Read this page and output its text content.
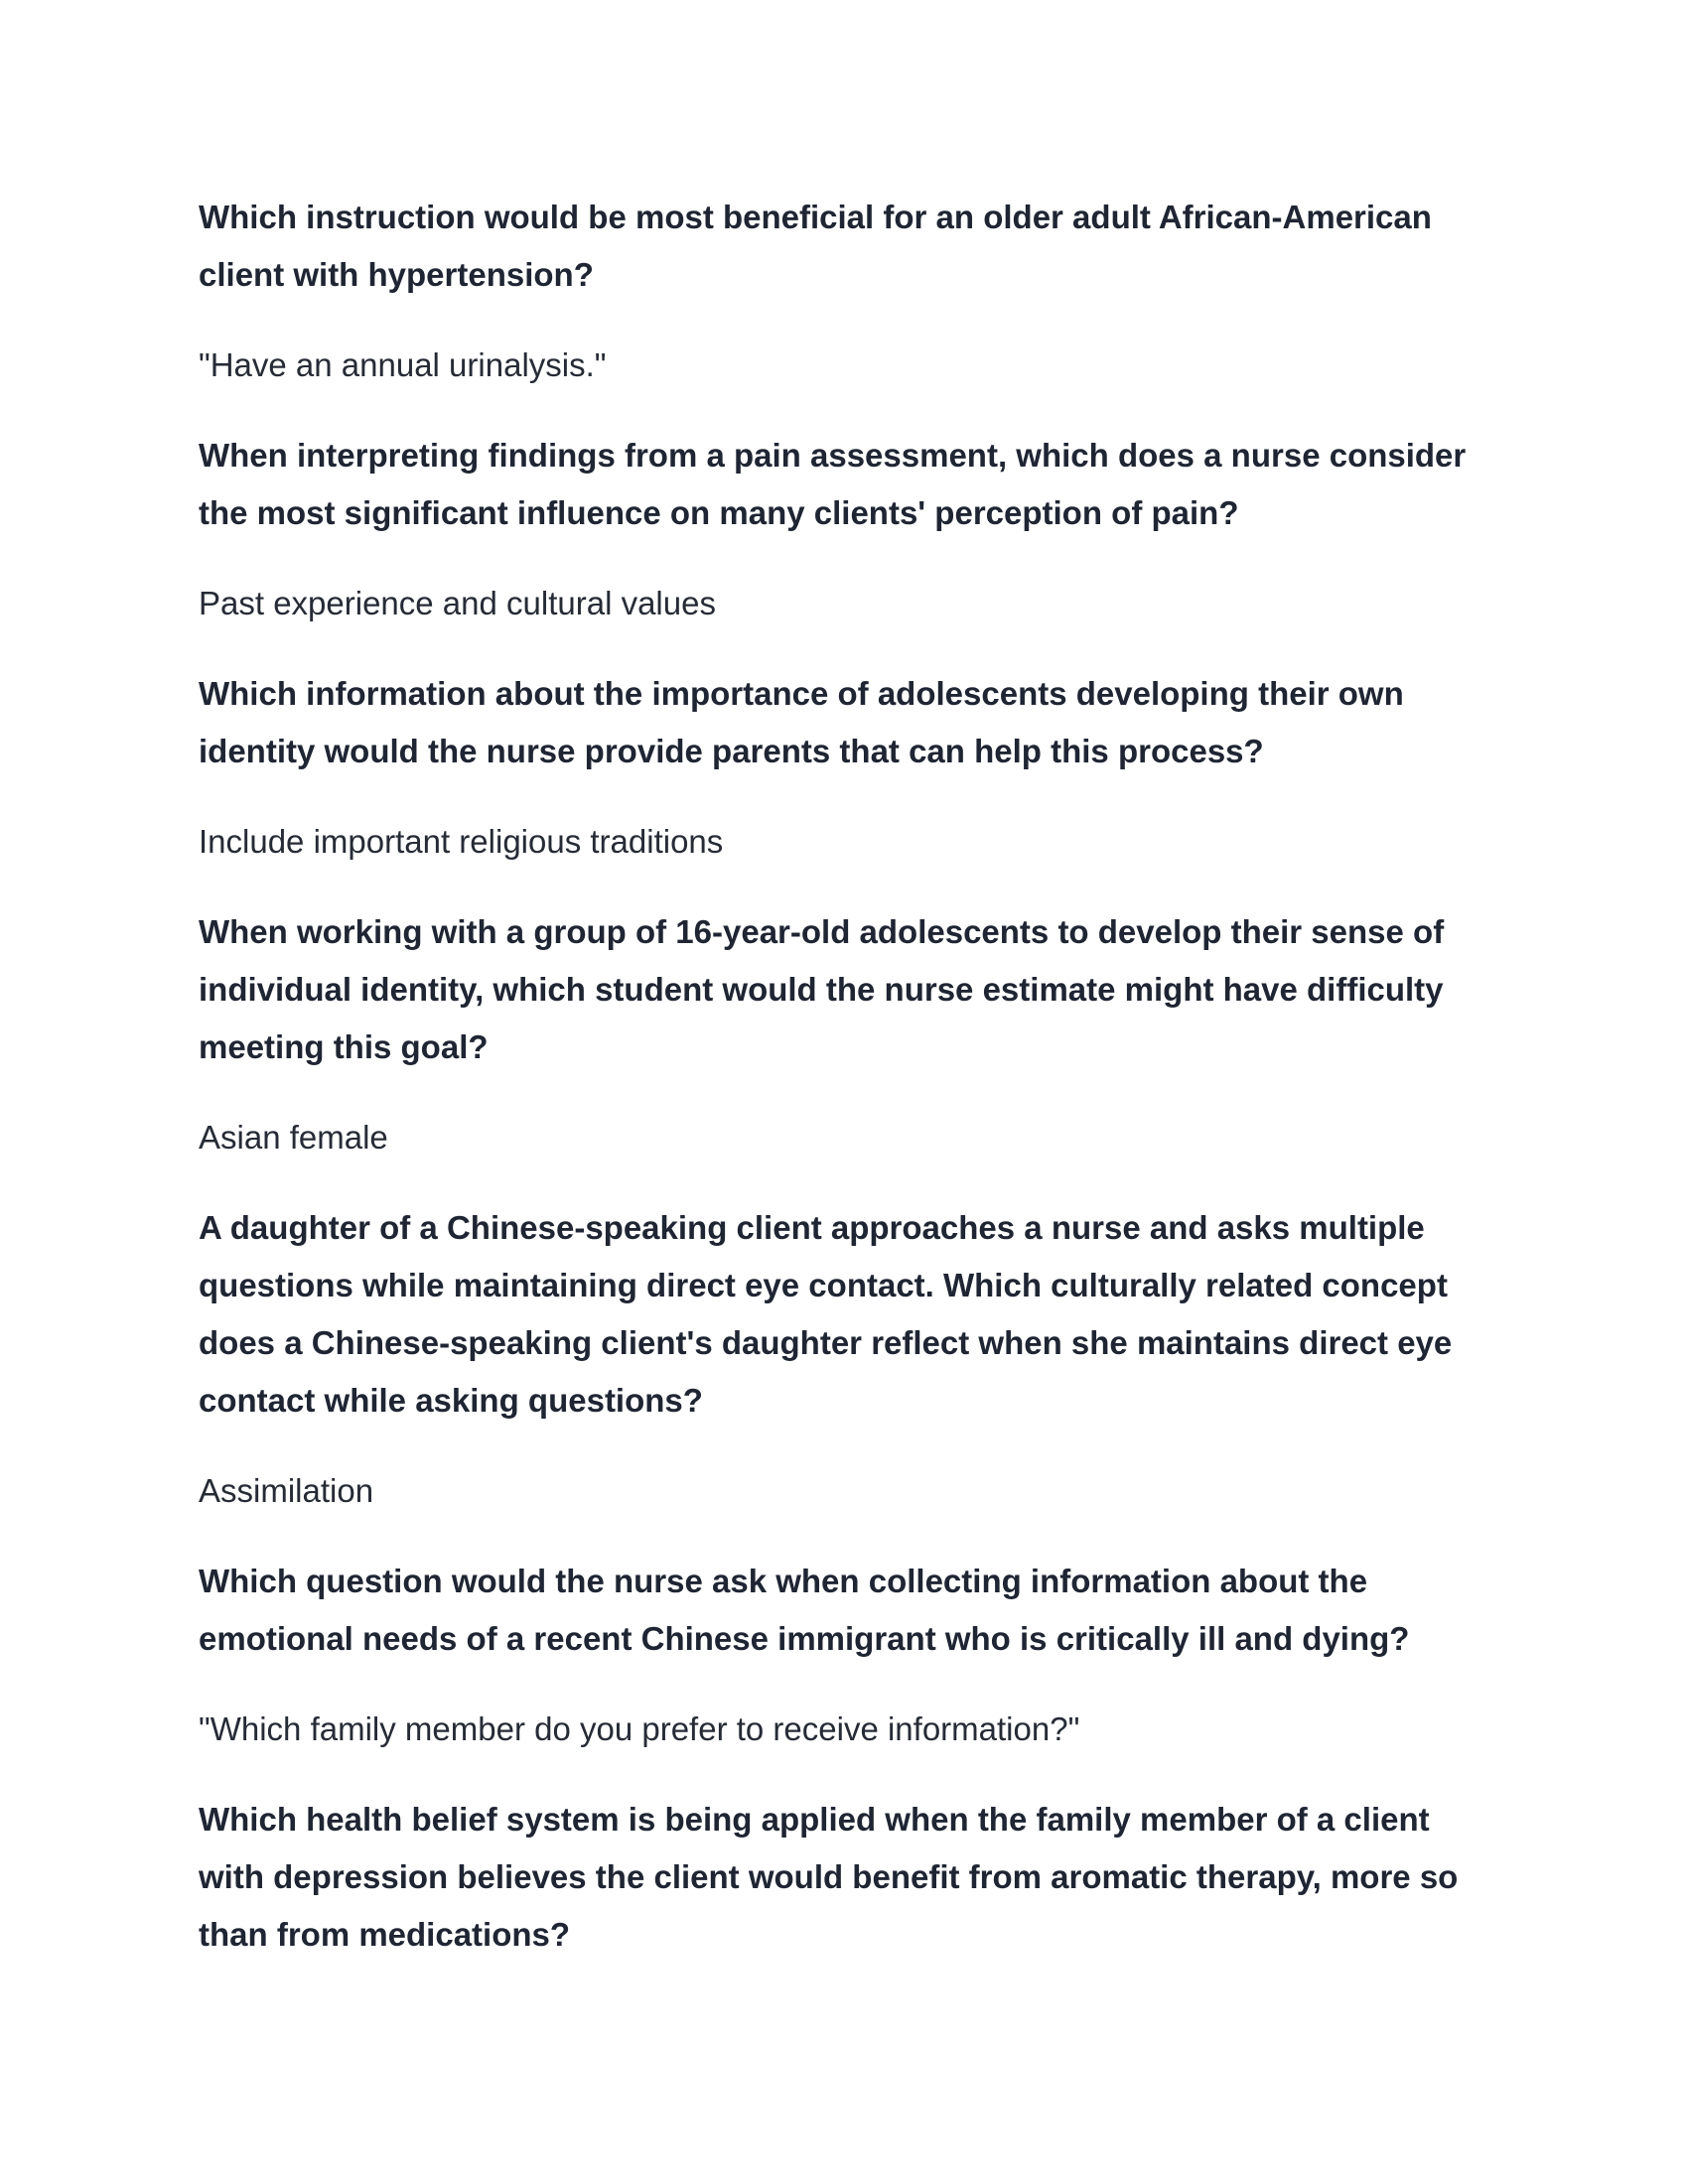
Which instruction would be most beneficial for an older adult African-American client with hypertension?

"Have an annual urinalysis."

When interpreting findings from a pain assessment, which does a nurse consider the most significant influence on many clients' perception of pain?

Past experience and cultural values

Which information about the importance of adolescents developing their own identity would the nurse provide parents that can help this process?

Include important religious traditions

When working with a group of 16-year-old adolescents to develop their sense of individual identity, which student would the nurse estimate might have difficulty meeting this goal?

Asian female

A daughter of a Chinese-speaking client approaches a nurse and asks multiple questions while maintaining direct eye contact. Which culturally related concept does a Chinese-speaking client's daughter reflect when she maintains direct eye contact while asking questions?

Assimilation

Which question would the nurse ask when collecting information about the emotional needs of a recent Chinese immigrant who is critically ill and dying?

"Which family member do you prefer to receive information?"

Which health belief system is being applied when the family member of a client with depression believes the client would benefit from aromatic therapy, more so than from medications?
